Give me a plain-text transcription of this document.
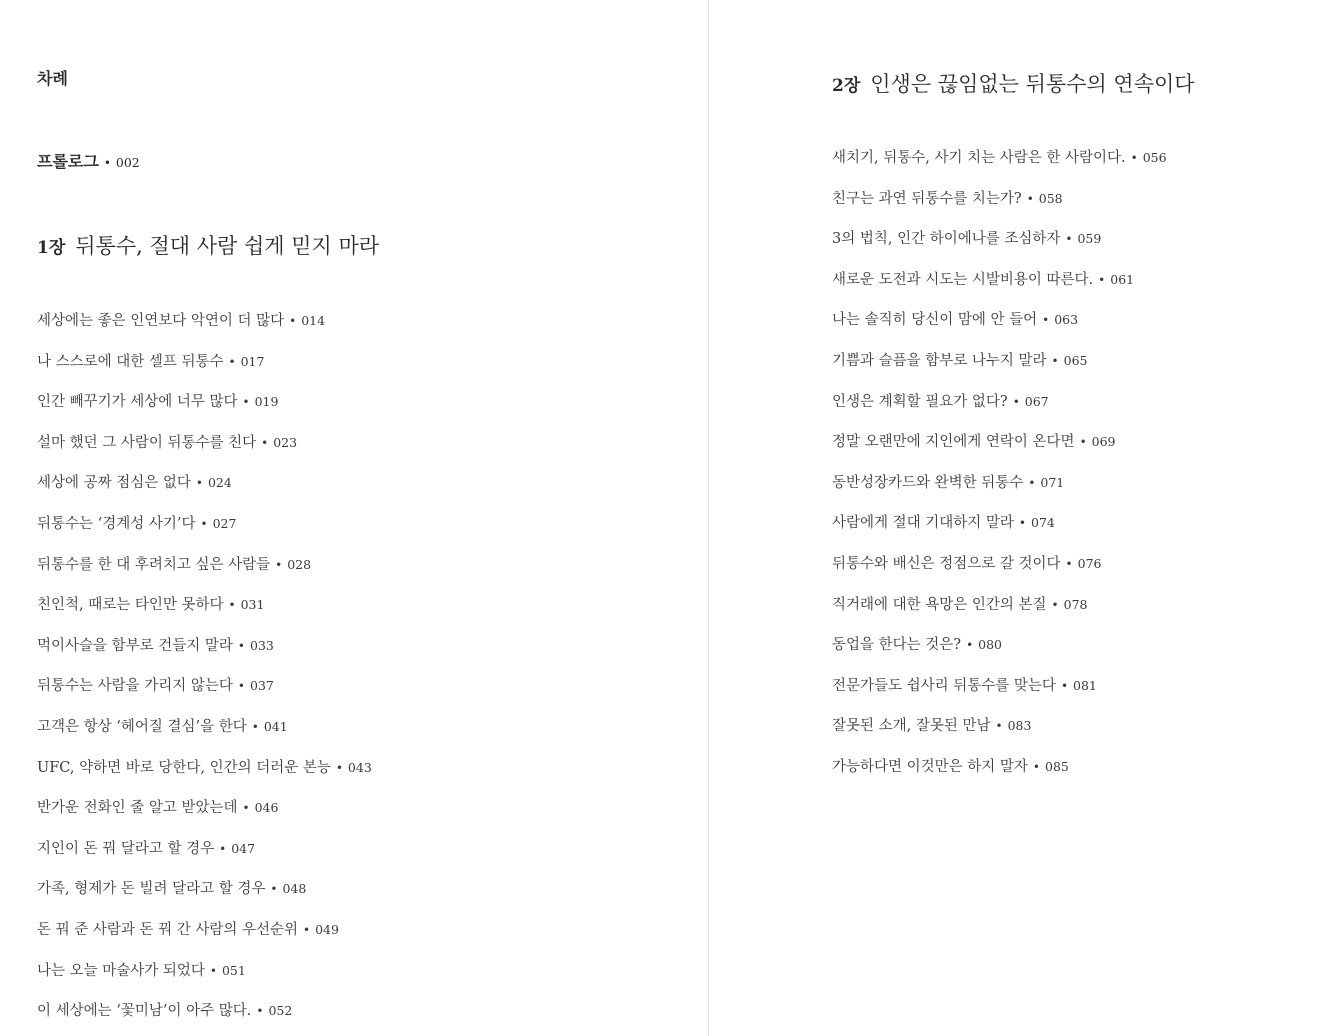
차례
프롤로그 • 002
1장 뒤통수, 절대 사람 쉽게 믿지 마라
세상에는 좋은 인연보다 악연이 더 많다 • 014
나 스스로에 대한 셀프 뒤통수 • 017
인간 빼꾸기가 세상에 너무 많다 • 019
설마 했던 그 사람이 뒤통수를 친다 • 023
세상에 공짜 점심은 없다 • 024
뒤통수는 ‘경계성 사기’다 • 027
뒤통수를 한 대 후려치고 싶은 사람들 • 028
친인척, 때로는 타인만 못하다 • 031
먹이사슬을 함부로 건들지 말라 • 033
뒤통수는 사람을 가리지 않는다 • 037
고객은 항상 ‘헤어질 결심’을 한다 • 041
UFC, 약하면 바로 당한다, 인간의 더러운 본능 • 043
반가운 전화인 줄 알고 받았는데 • 046
지인이 돈 꿔 달라고 할 경우 • 047
가족, 형제가 돈 빌려 달라고 할 경우 • 048
돈 꿔 준 사람과 돈 꿔 간 사람의 우선순위 • 049
나는 오늘 마술사가 되었다 • 051
이 세상에는 ‘꽃미남’이 아주 많다. • 052
2장 인생은 끊임없는 뒤통수의 연속이다
새치기, 뒤통수, 사기 치는 사람은 한 사람이다. • 056
친구는 과연 뒤통수를 치는가? • 058
3의 법칙, 인간 하이에나를 조심하자 • 059
새로운 도전과 시도는 시발비용이 따른다. • 061
나는 솔직히 당신이 맘에 안 들어 • 063
기쁨과 슬픔을 함부로 나누지 말라 • 065
인생은 계획할 필요가 없다? • 067
정말 오랜만에 지인에게 연락이 온다면 • 069
동반성장카드와 완벽한 뒤통수 • 071
사람에게 절대 기대하지 말라 • 074
뒤통수와 배신은 정점으로 갈 것이다 • 076
직거래에 대한 욕망은 인간의 본질 • 078
동업을 한다는 것은? • 080
전문가들도 쉽사리 뒤통수를 맞는다 • 081
잘못된 소개, 잘못된 만남 • 083
가능하다면 이것만은 하지 말자 • 085
